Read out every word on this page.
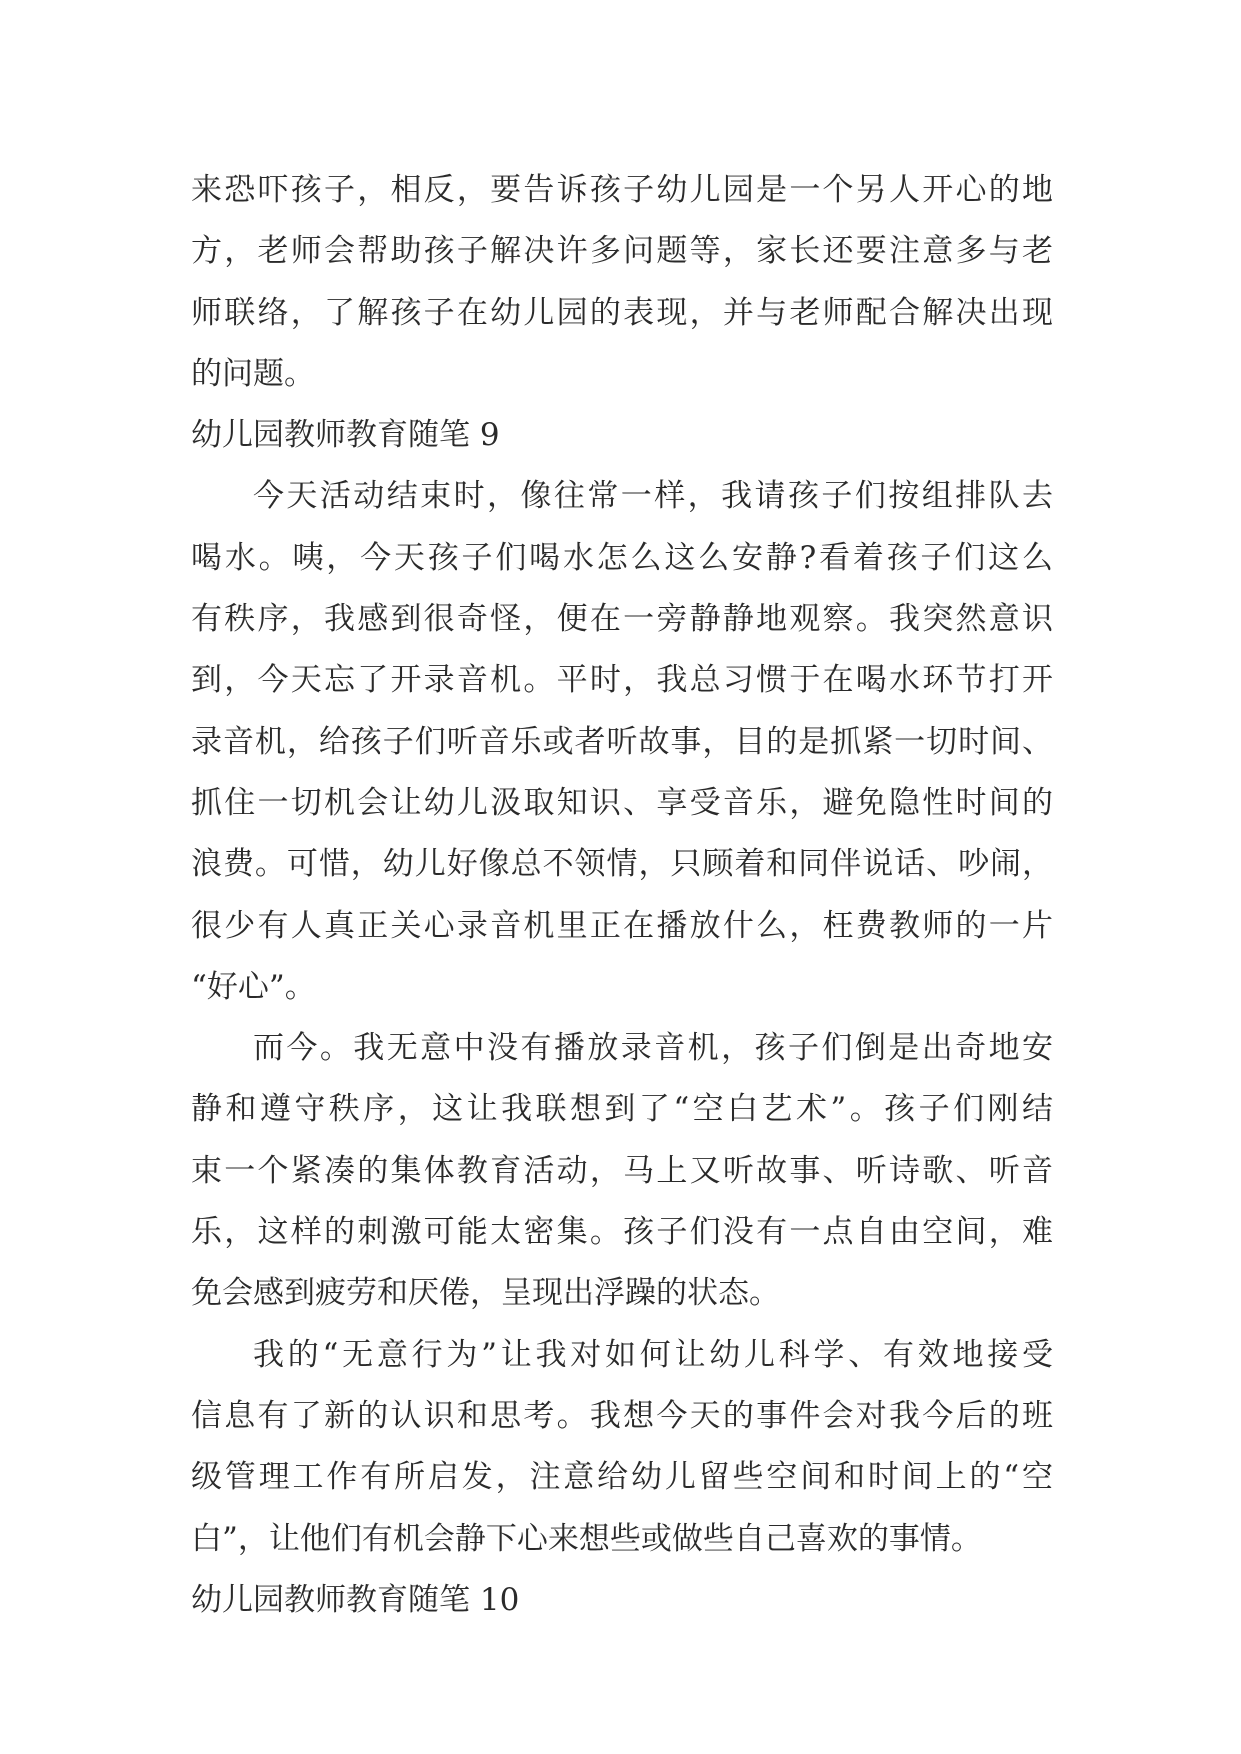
来恐吓孩子，相反，要告诉孩子幼儿园是一个另人开心的地
方，老师会帮助孩子解决许多问题等，家长还要注意多与老
师联络，了解孩子在幼儿园的表现，并与老师配合解决出现
的问题。
幼儿园教师教育随笔 9
今天活动结束时，像往常一样，我请孩子们按组排队去
喝水。咦，今天孩子们喝水怎么这么安静?看着孩子们这么
有秩序，我感到很奇怪，便在一旁静静地观察。我突然意识
到，今天忘了开录音机。平时，我总习惯于在喝水环节打开
录音机，给孩子们听音乐或者听故事，目的是抓紧一切时间、
抓住一切机会让幼儿汲取知识、享受音乐，避免隐性时间的
浪费。可惜，幼儿好像总不领情，只顾着和同伴说话、吵闹，
很少有人真正关心录音机里正在播放什么，枉费教师的一片
“好心”。
而今。我无意中没有播放录音机，孩子们倒是出奇地安
静和遵守秩序，这让我联想到了“空白艺术”。孩子们刚结
束一个紧凑的集体教育活动，马上又听故事、听诗歌、听音
乐，这样的刺激可能太密集。孩子们没有一点自由空间，难
免会感到疲劳和厌倦，呈现出浮躁的状态。
我的“无意行为”让我对如何让幼儿科学、有效地接受
信息有了新的认识和思考。我想今天的事件会对我今后的班
级管理工作有所启发，注意给幼儿留些空间和时间上的“空
白”，让他们有机会静下心来想些或做些自己喜欢的事情。
幼儿园教师教育随笔 10
